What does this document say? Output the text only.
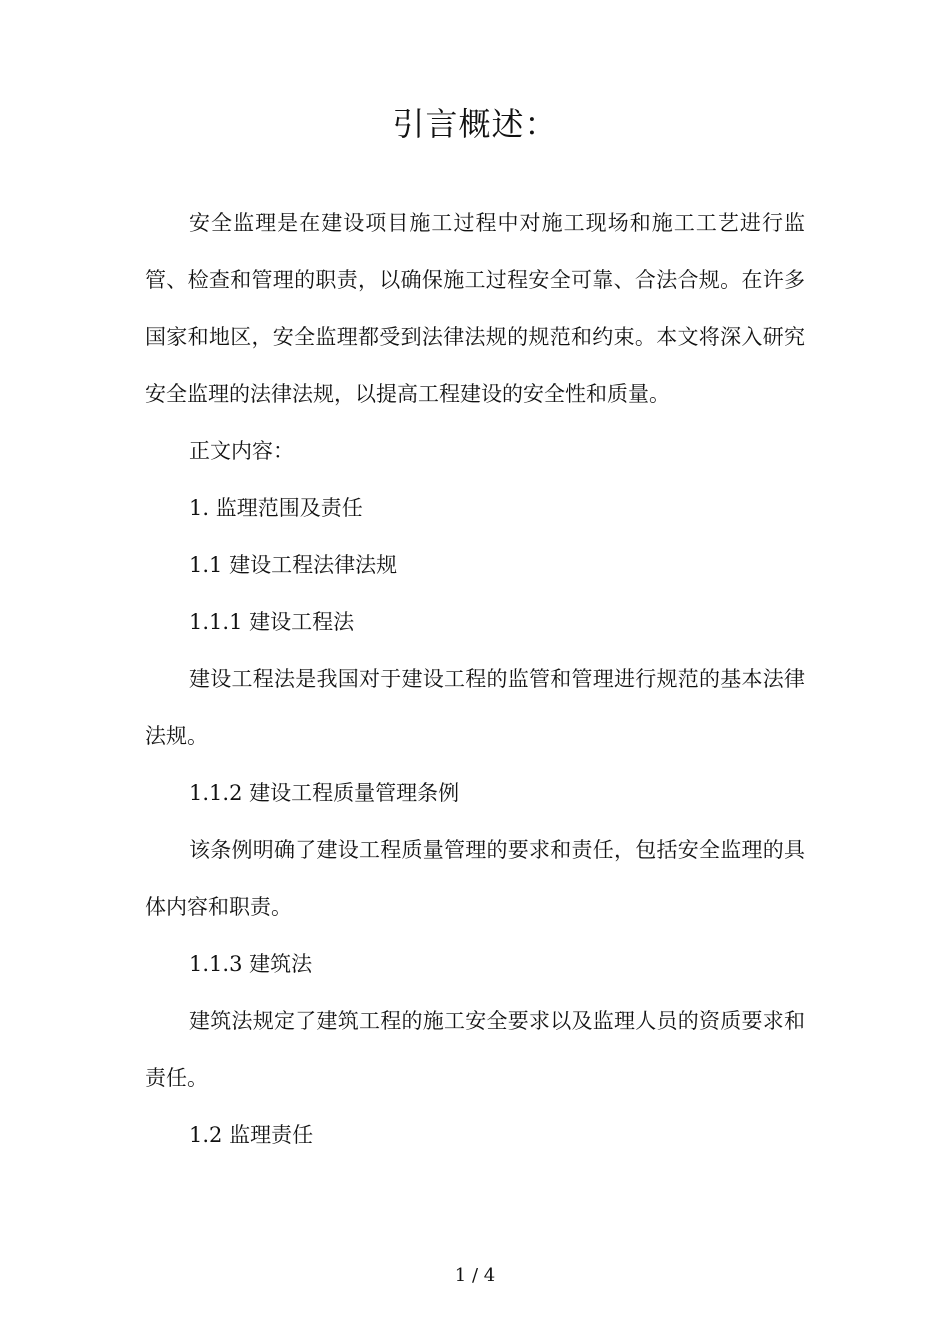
引言概述：

安全监理是在建设项目施工过程中对施工现场和施工工艺进行监管、检查和管理的职责，以确保施工过程安全可靠、合法合规。在许多国家和地区，安全监理都受到法律法规的规范和约束。本文将深入研究安全监理的法律法规，以提高工程建设的安全性和质量。

正文内容：

1. 监理范围及责任

1.1 建设工程法律法规

1.1.1 建设工程法

建设工程法是我国对于建设工程的监管和管理进行规范的基本法律法规。

1.1.2 建设工程质量管理条例

该条例明确了建设工程质量管理的要求和责任，包括安全监理的具体内容和职责。

1.1.3 建筑法

建筑法规定了建筑工程的施工安全要求以及监理人员的资质要求和责任。

1.2 监理责任

1 / 4
